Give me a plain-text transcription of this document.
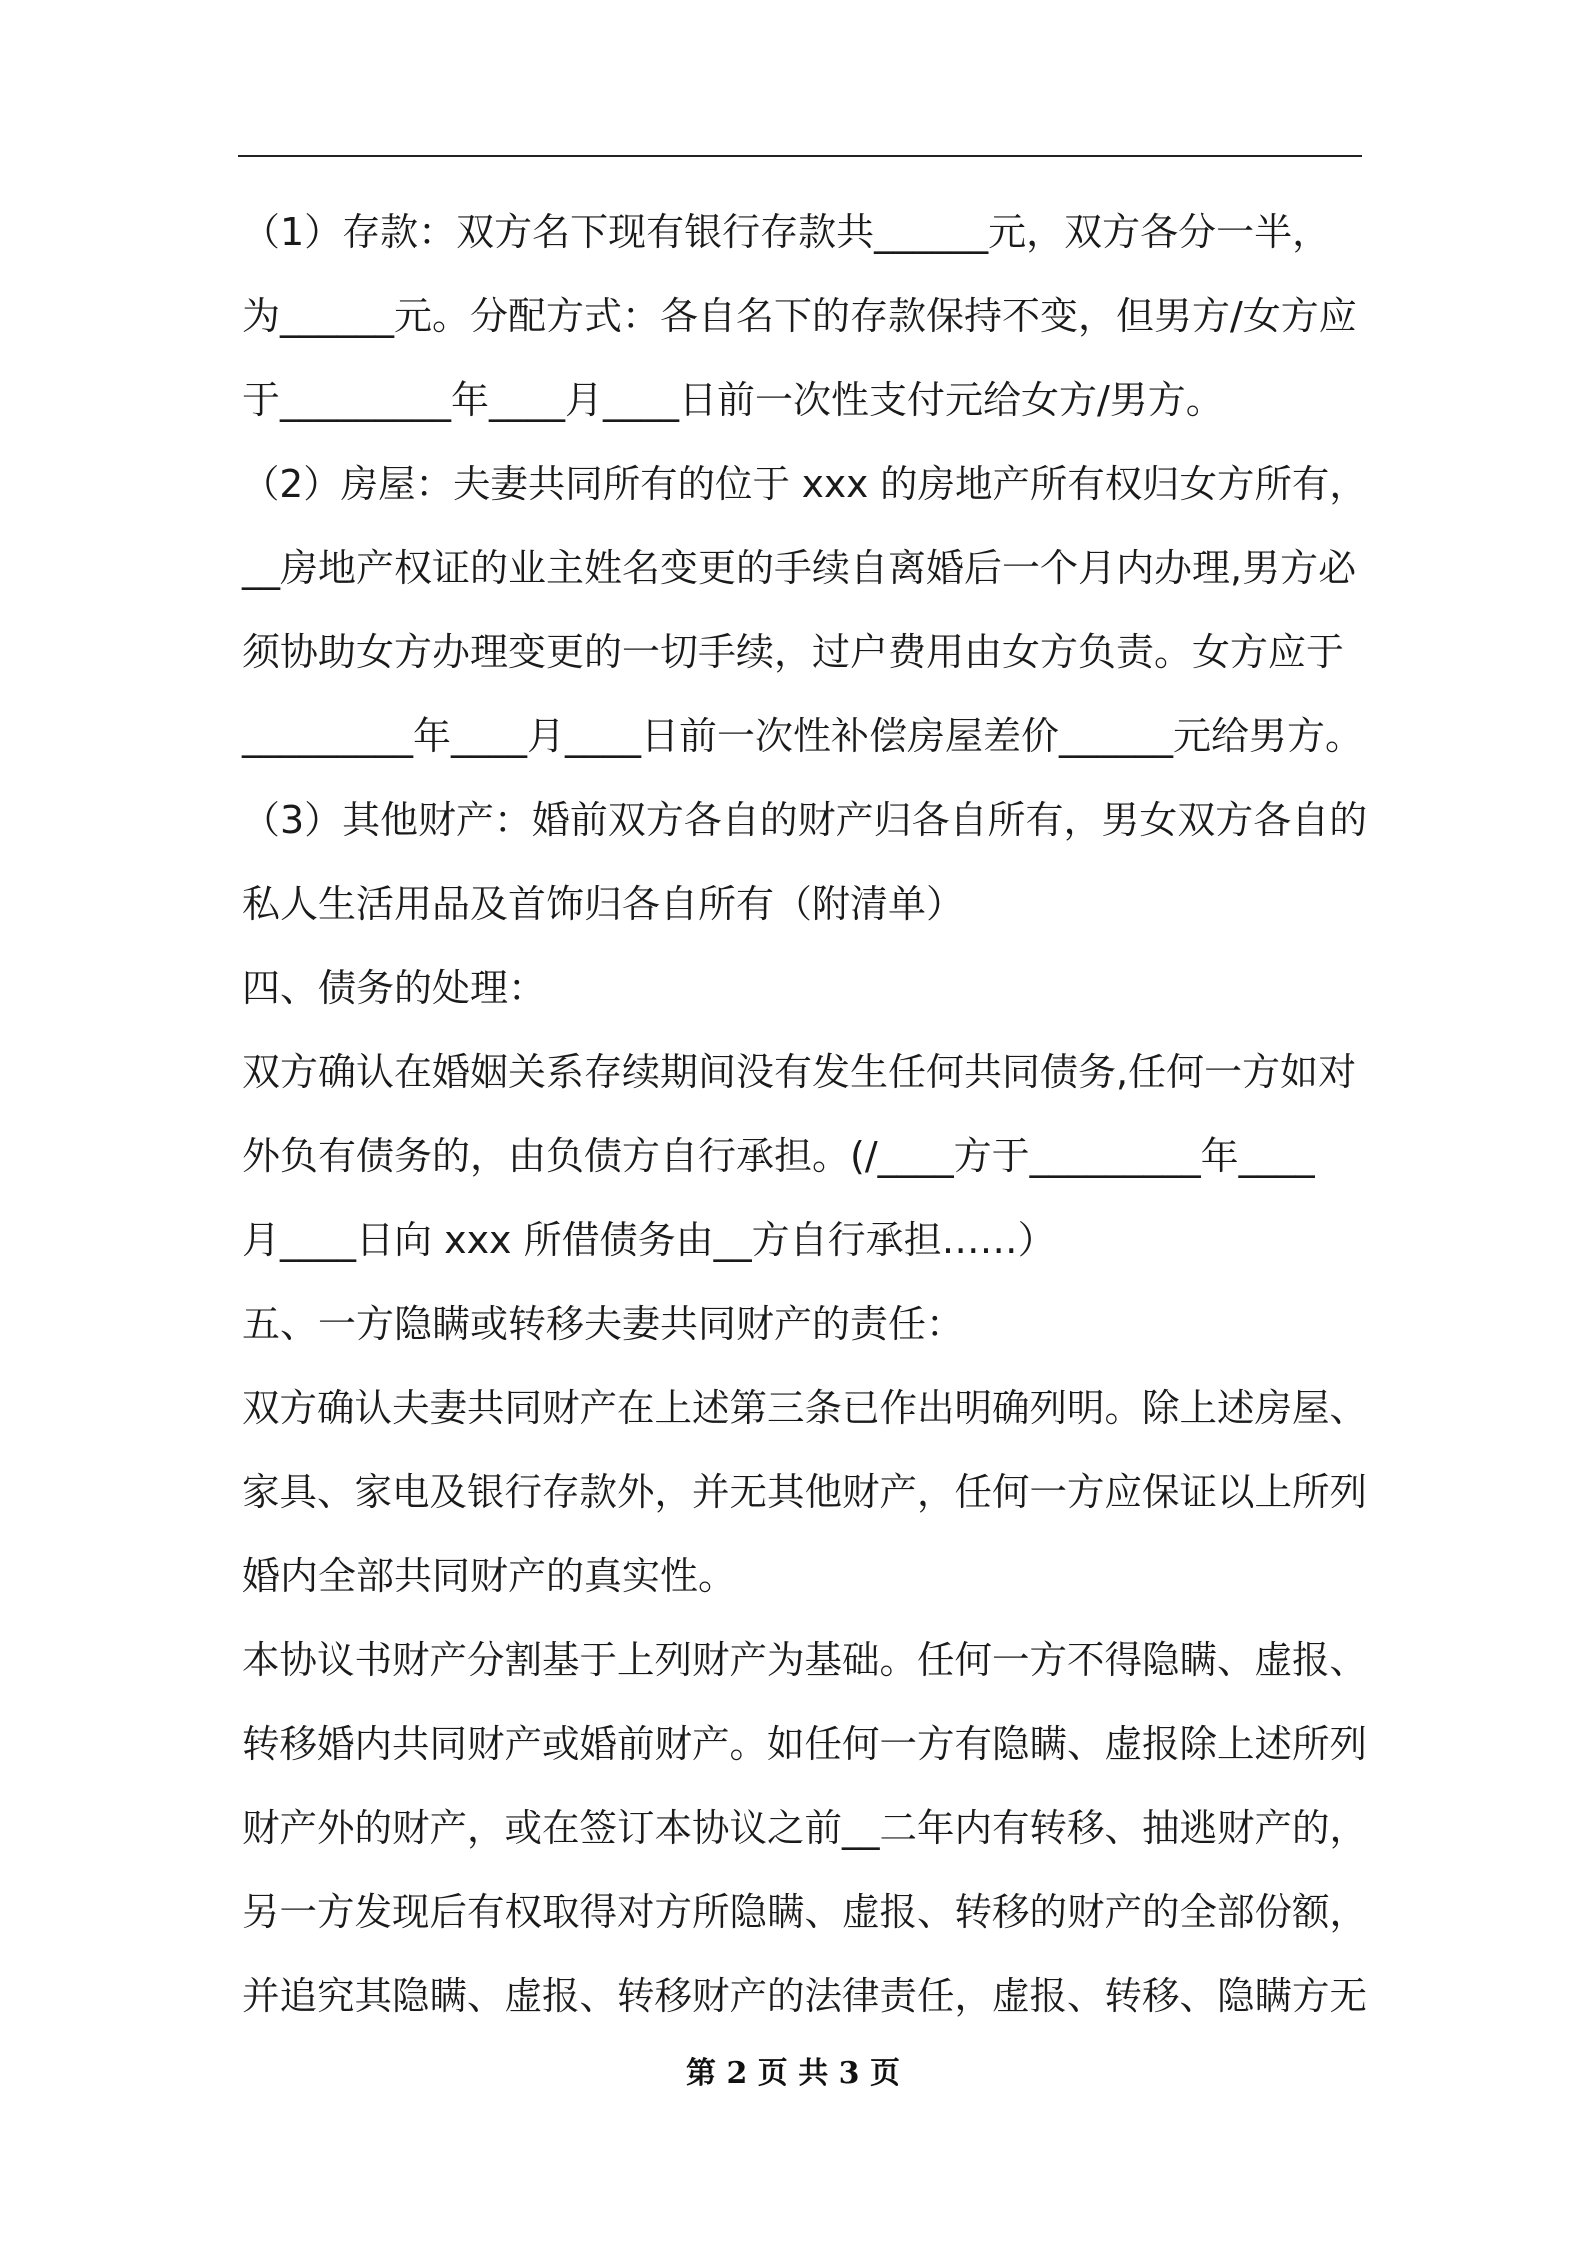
（1）存款：双方名下现有银行存款共______元，双方各分一半，
为______元。分配方式：各自名下的存款保持不变，但男方/女方应
于_________年____月____日前一次性支付元给女方/男方。
（2）房屋：夫妻共同所有的位于 xxx 的房地产所有权归女方所有，
__房地产权证的业主姓名变更的手续自离婚后一个月内办理,男方必
须协助女方办理变更的一切手续，过户费用由女方负责。女方应于
_________年____月____日前一次性补偿房屋差价______元给男方。
（3）其他财产：婚前双方各自的财产归各自所有，男女双方各自的
私人生活用品及首饰归各自所有（附清单）
四、债务的处理：
双方确认在婚姻关系存续期间没有发生任何共同债务,任何一方如对
外负有债务的，由负债方自行承担。(/____方于_________年____
月____日向 xxx 所借债务由__方自行承担……）
五、一方隐瞒或转移夫妻共同财产的责任：
双方确认夫妻共同财产在上述第三条已作出明确列明。除上述房屋、
家具、家电及银行存款外，并无其他财产，任何一方应保证以上所列
婚内全部共同财产的真实性。
本协议书财产分割基于上列财产为基础。任何一方不得隐瞒、虚报、
转移婚内共同财产或婚前财产。如任何一方有隐瞒、虚报除上述所列
财产外的财产，或在签订本协议之前__二年内有转移、抽逃财产的，
另一方发现后有权取得对方所隐瞒、虚报、转移的财产的全部份额，
并追究其隐瞒、虚报、转移财产的法律责任，虚报、转移、隐瞒方无
第 2 页 共 3 页
